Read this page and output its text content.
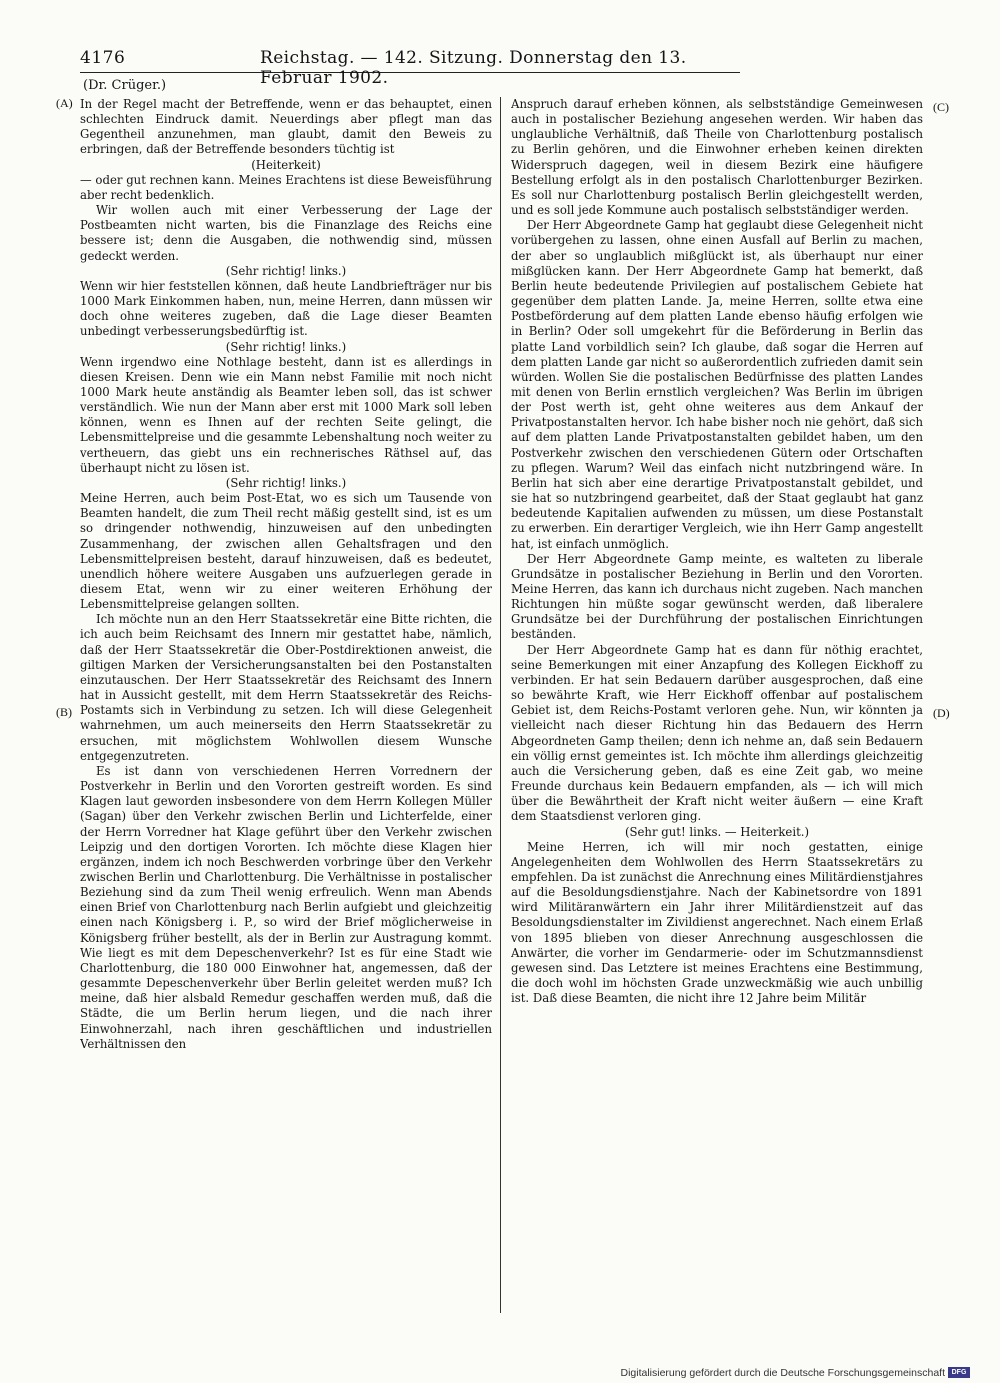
4176	Reichstag. — 142. Sitzung. Donnerstag den 13. Februar 1902.
(Dr. Crüger.)
(A)
(B)
(C)
(D)

In der Regel macht der Betreffende, wenn er das behauptet, einen schlechten Eindruck damit. Neuerdings aber pflegt man das Gegentheil anzunehmen, man glaubt, damit den Beweis zu erbringen, daß der Betreffende besonders tüchtig ist

(Heiterkeit)

— oder gut rechnen kann. Meines Erachtens ist diese Beweisführung aber recht bedenklich.

Wir wollen auch mit einer Verbesserung der Lage der Postbeamten nicht warten, bis die Finanzlage des Reichs eine bessere ist; denn die Ausgaben, die nothwendig sind, müssen gedeckt werden.

(Sehr richtig! links.)

Wenn wir hier feststellen können, daß heute Landbriefträger nur bis 1000 Mark Einkommen haben, nun, meine Herren, dann müssen wir doch ohne weiteres zugeben, daß die Lage dieser Beamten unbedingt verbesserungsbedürftig ist.

(Sehr richtig! links.)

Wenn irgendwo eine Nothlage besteht, dann ist es allerdings in diesen Kreisen. Denn wie ein Mann nebst Familie mit noch nicht 1000 Mark heute anständig als Beamter leben soll, das ist schwer verständlich. Wie nun der Mann aber erst mit 1000 Mark soll leben können, wenn es Ihnen auf der rechten Seite gelingt, die Lebensmittelpreise und die gesammte Lebenshaltung noch weiter zu vertheuern, das giebt uns ein rechnerisches Räthsel auf, das überhaupt nicht zu lösen ist.

(Sehr richtig! links.)

Meine Herren, auch beim Post-Etat, wo es sich um Tausende von Beamten handelt, die zum Theil recht mäßig gestellt sind, ist es um so dringender nothwendig, hinzuweisen auf den unbedingten Zusammenhang, der zwischen allen Gehaltsfragen und den Lebensmittelpreisen besteht, darauf hinzuweisen, daß es bedeutet, unendlich höhere weitere Ausgaben uns aufzuerlegen gerade in diesem Etat, wenn wir zu einer weiteren Erhöhung der Lebensmittelpreise gelangen sollten.

Ich möchte nun an den Herr Staatssekretär eine Bitte richten, die ich auch beim Reichsamt des Innern mir gestattet habe, nämlich, daß der Herr Staatssekretär die Ober-Postdirektionen anweist, die giltigen Marken der Versicherungsanstalten bei den Postanstalten einzutauschen. Der Herr Staatssekretär des Reichsamt des Innern hat in Aussicht gestellt, mit dem Herrn Staatssekretär des Reichs-Postamts sich in Verbindung zu setzen. Ich will diese Gelegenheit wahrnehmen, um auch meinerseits den Herrn Staatssekretär zu ersuchen, mit möglichstem Wohlwollen diesem Wunsche entgegenzutreten.

Es ist dann von verschiedenen Herren Vorrednern der Postverkehr in Berlin und den Vororten gestreift worden. Es sind Klagen laut geworden insbesondere von dem Herrn Kollegen Müller (Sagan) über den Verkehr zwischen Berlin und Lichterfelde, einer der Herrn Vorredner hat Klage geführt über den Verkehr zwischen Leipzig und den dortigen Vororten. Ich möchte diese Klagen hier ergänzen, indem ich noch Beschwerden vorbringe über den Verkehr zwischen Berlin und Charlottenburg. Die Verhältnisse in postalischer Beziehung sind da zum Theil wenig erfreulich. Wenn man Abends einen Brief von Charlottenburg nach Berlin aufgiebt und gleichzeitig einen nach Königsberg i. P., so wird der Brief möglicherweise in Königsberg früher bestellt, als der in Berlin zur Austragung kommt. Wie liegt es mit dem Depeschenverkehr? Ist es für eine Stadt wie Charlottenburg, die 180 000 Einwohner hat, angemessen, daß der gesammte Depeschenverkehr über Berlin geleitet werden muß? Ich meine, daß hier alsbald Remedur geschaffen werden muß, daß die Städte, die um Berlin herum liegen, und die nach ihrer Einwohnerzahl, nach ihren geschäftlichen und industriellen Verhältnissen den

Anspruch darauf erheben können, als selbstständige Gemeinwesen auch in postalischer Beziehung angesehen werden. Wir haben das unglaubliche Verhältniß, daß Theile von Charlottenburg postalisch zu Berlin gehören, und die Einwohner erheben keinen direkten Widerspruch dagegen, weil in diesem Bezirk eine häufigere Bestellung erfolgt als in den postalisch Charlottenburger Bezirken. Es soll nur Charlottenburg postalisch Berlin gleichgestellt werden, und es soll jede Kommune auch postalisch selbstständiger werden.

Der Herr Abgeordnete Gamp hat geglaubt diese Gelegenheit nicht vorübergehen zu lassen, ohne einen Ausfall auf Berlin zu machen, der aber so unglaublich mißglückt ist, als überhaupt nur einer mißglücken kann. Der Herr Abgeordnete Gamp hat bemerkt, daß Berlin heute bedeutende Privilegien auf postalischem Gebiete hat gegenüber dem platten Lande. Ja, meine Herren, sollte etwa eine Postbeförderung auf dem platten Lande ebenso häufig erfolgen wie in Berlin? Oder soll umgekehrt für die Beförderung in Berlin das platte Land vorbildlich sein? Ich glaube, daß sogar die Herren auf dem platten Lande gar nicht so außerordentlich zufrieden damit sein würden. Wollen Sie die postalischen Bedürfnisse des platten Landes mit denen von Berlin ernstlich vergleichen? Was Berlin im übrigen der Post werth ist, geht ohne weiteres aus dem Ankauf der Privatpostanstalten hervor. Ich habe bisher noch nie gehört, daß sich auf dem platten Lande Privatpostanstalten gebildet haben, um den Postverkehr zwischen den verschiedenen Gütern oder Ortschaften zu pflegen. Warum? Weil das einfach nicht nutzbringend wäre. In Berlin hat sich aber eine derartige Privatpostanstalt gebildet, und sie hat so nutzbringend gearbeitet, daß der Staat geglaubt hat ganz bedeutende Kapitalien aufwenden zu müssen, um diese Postanstalt zu erwerben. Ein derartiger Vergleich, wie ihn Herr Gamp angestellt hat, ist einfach unmöglich.

Der Herr Abgeordnete Gamp meinte, es walteten zu liberale Grundsätze in postalischer Beziehung in Berlin und den Vororten. Meine Herren, das kann ich durchaus nicht zugeben. Nach manchen Richtungen hin müßte sogar gewünscht werden, daß liberalere Grundsätze bei der Durchführung der postalischen Einrichtungen beständen.

Der Herr Abgeordnete Gamp hat es dann für nöthig erachtet, seine Bemerkungen mit einer Anzapfung des Kollegen Eickhoff zu verbinden. Er hat sein Bedauern darüber ausgesprochen, daß eine so bewährte Kraft, wie Herr Eickhoff offenbar auf postalischem Gebiet ist, dem Reichs-Postamt verloren gehe. Nun, wir könnten ja vielleicht nach dieser Richtung hin das Bedauern des Herrn Abgeordneten Gamp theilen; denn ich nehme an, daß sein Bedauern ein völlig ernst gemeintes ist. Ich möchte ihm allerdings gleichzeitig auch die Versicherung geben, daß es eine Zeit gab, wo meine Freunde durchaus kein Bedauern empfanden, als — ich will mich über die Bewährtheit der Kraft nicht weiter äußern — eine Kraft dem Staatsdienst verloren ging.

(Sehr gut! links. — Heiterkeit.)

Meine Herren, ich will mir noch gestatten, einige Angelegenheiten dem Wohlwollen des Herrn Staatssekretärs zu empfehlen. Da ist zunächst die Anrechnung eines Militärdienstjahres auf die Besoldungsdienstjahre. Nach der Kabinetsordre von 1891 wird Militäranwärtern ein Jahr ihrer Militärdienstzeit auf das Besoldungsdienstalter im Zivildienst angerechnet. Nach einem Erlaß von 1895 blieben von dieser Anrechnung ausgeschlossen die Anwärter, die vorher im Gendarmerie- oder im Schutzmannsdienst gewesen sind. Das Letztere ist meines Erachtens eine Bestimmung, die doch wohl im höchsten Grade unzweckmäßig wie auch unbillig ist. Daß diese Beamten, die nicht ihre 12 Jahre beim Militär

Digitalisierung gefördert durch die Deutsche Forschungsgemeinschaft DFG
